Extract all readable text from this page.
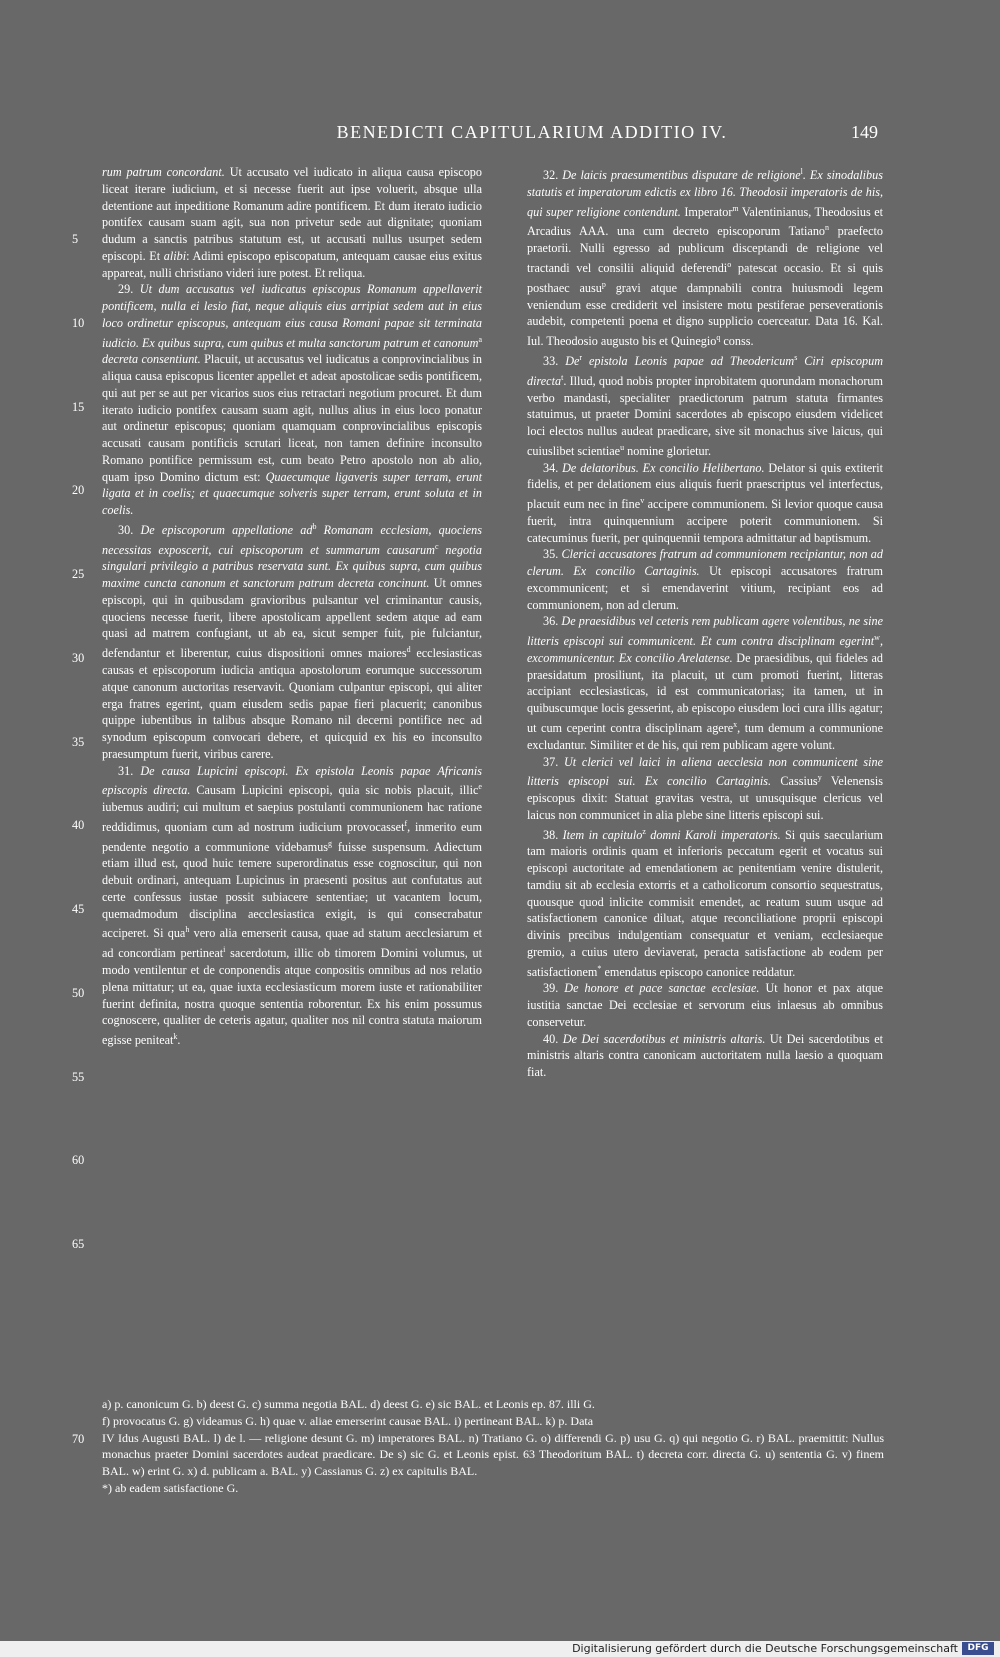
BENEDICTI CAPITULARIUM ADDITIO IV.	149
5
10
15
20
25
30
35
40
45
50
55
60
65

rum patrum concordant. Ut accusato vel iudicato in aliqua causa episcopo liceat iterare iudicium, et si necesse fuerit aut ipse voluerit, absque ulla detentione aut inpeditione Romanum adire pontificem. Et dum iterato iudicio pontifex causam suam agit, sua non privetur sede aut dignitate; quoniam dudum a sanctis patribus statutum est, ut accusati nullus usurpet sedem episcopi. Et alibi: Adimi episcopo episcopatum, antequam causae eius exitus appareat, nulli christiano videri iure potest. Et reliqua.

29. Ut dum accusatus vel iudicatus episcopus Romanum appellaverit pontificem, nulla ei lesio fiat, neque aliquis eius arripiat sedem aut in eius loco ordinetur episcopus, antequam eius causa Romani papae sit terminata iudicio. Ex quibus supra, cum quibus et multa sanctorum patrum et canonum$^a$ decreta consentiunt. Placuit, ut accusatus vel iudicatus a conprovincialibus in aliqua causa episcopus licenter appellet et adeat apostolicae sedis pontificem, qui aut per se aut per vicarios suos eius retractari negotium procuret. Et dum iterato iudicio pontifex causam suam agit, nullus alius in eius loco ponatur aut ordinetur episcopus; quoniam quamquam conprovincialibus episcopis accusati causam pontificis scrutari liceat, non tamen definire inconsulto Romano pontifice permissum est, cum beato Petro apostolo non ab alio, quam ipso Domino dictum est: Quaecumque ligaveris super terram, erunt ligata et in coelis; et quaecumque solveris super terram, erunt soluta et in coelis.

30. De episcoporum appellatione $ad^b$ Romanam ecclesiam, quociens necessitas exposcerit, cui episcoporum et summarum causarum$^c$ negotia singulari privilegio a patribus reservata sunt. Ex quibus supra, cum quibus maxime cuncta canonum et sanctorum patrum decreta concinunt. Ut omnes episcopi, qui in quibusdam gravioribus pulsantur vel criminantur causis, quociens necesse fuerit, libere apostolicam appellent sedem atque ad eam quasi ad matrem confugiant, ut ab ea, sicut semper fuit, pie fulciantur, defendantur et liberentur, cuius dispositioni omnes maiores$^d$ ecclesiasticas causas et episcoporum iudicia antiqua apostolorum eorumque successorum atque canonum auctoritas reservavit. Quoniam culpantur episcopi, qui aliter erga fratres egerint, quam eiusdem sedis papae fieri placuerit; canonibus quippe iubentibus in talibus absque Romano nil decerni pontifice nec ad synodum episcopum convocari debere, et quicquid ex his eo inconsulto praesumptum fuerit, viribus carere.

31. De causa Lupicini episcopi. Ex epistola Leonis papae Africanis episcopis directa. Causam Lupicini episcopi, quia sic nobis placuit, illic$^e$ iubemus audiri; cui multum et saepius postulanti communionem hac ratione reddidimus, quoniam cum ad nostrum iudicium provocasset$^f$, inmerito eum pendente negotio a communione videbamus$^g$ fuisse suspensum. Adiectum etiam illud est, quod huic temere superordinatus esse cognoscitur, qui non debuit ordinari, antequam Lupicinus in praesenti positus aut confutatus aut certe confessus iustae possit subiacere sententiae; ut vacantem locum, quemadmodum disciplina aecclesiastica exigit, is qui consecrabatur acciperet. Si qua$^h$ vero alia emerserit causa, quae ad statum aecclesiarum et ad concordiam pertineat$^i$ sacerdotum, illic ob timorem Domini volumus, ut modo ventilentur et de conponendis atque conpositis omnibus ad nos relatio plena mittatur; ut ea, quae iuxta ecclesiasticum morem iuste et rationabiliter fuerint definita, nostra quoque sententia roborentur. Ex his enim possumus cognoscere, qualiter de ceteris agatur, qualiter nos nil contra statuta maiorum egisse peniteat$^k$.

32. De laicis praesumentibus disputare de religione$^l$. Ex sinodalibus statutis et imperatorum edictis ex libro 16. Theodosii imperatoris de his, qui super religione contendunt. Imperator$^m$ Valentinianus, Theodosius et Arcadius AAA. una cum decreto episcoporum Tatiano$^n$ praefecto praetorii. Nulli egresso ad publicum disceptandi de religione vel tractandi vel consilii aliquid deferendi$^o$ patescat occasio. Et si quis posthaec ausu$^p$ gravi atque dampnabili contra huiusmodi legem veniendum esse crediderit vel insistere motu pestiferae perseverationis audebit, competenti poena et digno supplicio coerceatur. Data 16. Kal. Iul. Theodosio augusto bis et Quinegio$^q$ conss.

33. De$^r$ epistola Leonis papae ad Theodericum$^s$ Ciri episcopum directa$^t$. Illud, quod nobis propter inprobitatem quorundam monachorum verbo mandasti, specialiter praedictorum patrum statuta firmantes statuimus, ut praeter Domini sacerdotes ab episcopo eiusdem videlicet loci electos nullus audeat praedicare, sive sit monachus sive laicus, qui cuiuslibet scientiae$^u$ nomine glorietur.

34. De delatoribus. Ex concilio Helibertano. Delator si quis extiterit fidelis, et per delationem eius aliquis fuerit praescriptus vel interfectus, placuit eum nec in fine$^v$ accipere communionem. Si levior quoque causa fuerit, intra quinquennium accipere poterit communionem. Si catecuminus fuerit, per quinquennii tempora admittatur ad baptismum.

35. Clerici accusatores fratrum ad communionem recipiantur, non ad clerum. Ex concilio Cartaginis. Ut episcopi accusatores fratrum excommunicent; et si emendaverint vitium, recipiant eos ad communionem, non ad clerum.

36. De praesidibus vel ceteris rem publicam agere volentibus, ne sine litteris episcopi sui communicent. Et cum contra disciplinam egerint$^w$, excommunicentur. Ex concilio Arelatense. De praesidibus, qui fideles ad praesidatum prosiliunt, ita placuit, ut cum promoti fuerint, litteras accipiant ecclesiasticas, id est communicatorias; ita tamen, ut in quibuscumque locis gesserint, ab episcopo eiusdem loci cura illis agatur; ut cum ceperint contra disciplinam agere$^x$, tum demum a communione excludantur. Similiter et de his, qui rem publicam agere volunt.

37. Ut clerici vel laici in aliena aecclesia non communicent sine litteris episcopi sui. Ex concilio Cartaginis. Cassius$^y$ Velenensis episcopus dixit: Statuat gravitas vestra, ut unusquisque clericus vel laicus non communicet in alia plebe sine litteris episcopi sui.

38. Item in capitulo$^z$ domni Karoli imperatoris. Si quis saecularium tam maioris ordinis quam et inferioris peccatum egerit et vocatus sui episcopi auctoritate ad emendationem ac penitentiam venire distulerit, tamdiu sit ab ecclesia extorris et a catholicorum consortio sequestratus, quousque quod inlicite commisit emendet, ac reatum suum usque ad satisfactionem canonice diluat, atque reconciliatione proprii episcopi divinis precibus indulgentiam consequatur et veniam, ecclesiaeque gremio, a cuius utero deviaverat, peracta satisfactione ab eodem per satisfactionem* emendatus episcopo canonice reddatur.

39. De honore et pace sanctae ecclesiae. Ut honor et pax atque iustitia sanctae Dei ecclesiae et servorum eius inlaesus ab omnibus conservetur.

40. De Dei sacerdotibus et ministris altaris. Ut Dei sacerdotibus et ministris altaris contra canonicam auctoritatem nulla laesio a quoquam fiat.

a) p. canonicum G. b) deest G. c) summa negotia BAL. d) deest G. e) sic BAL. et Leonis ep. 87. illi G.
f) provocatus G. g) videamus G. h) quae v. aliae emerserint causae BAL. i) pertineant BAL. k) p. Data
IV Idus Augusti BAL. l) de l. — religione desunt G. m) imperatores BAL. n) Tratiano G. o) differendi G. p) usu G. q) qui negotio G. r) BAL. praemittit: Nullus monachus praeter Domini sacerdotes audeat praedicare. De s) sic G. et Leonis epist. 63 Theodoritum BAL. t) decreta corr. directa G. u) sententia G. v) finem BAL. w) erint G. x) d. publicam a. BAL. y) Cassianus G. z) ex capitulis BAL.
*) ab eadem satisfactione G.
70
Digitalisierung gefördert durch die Deutsche Forschungsgemeinschaft	DFG
